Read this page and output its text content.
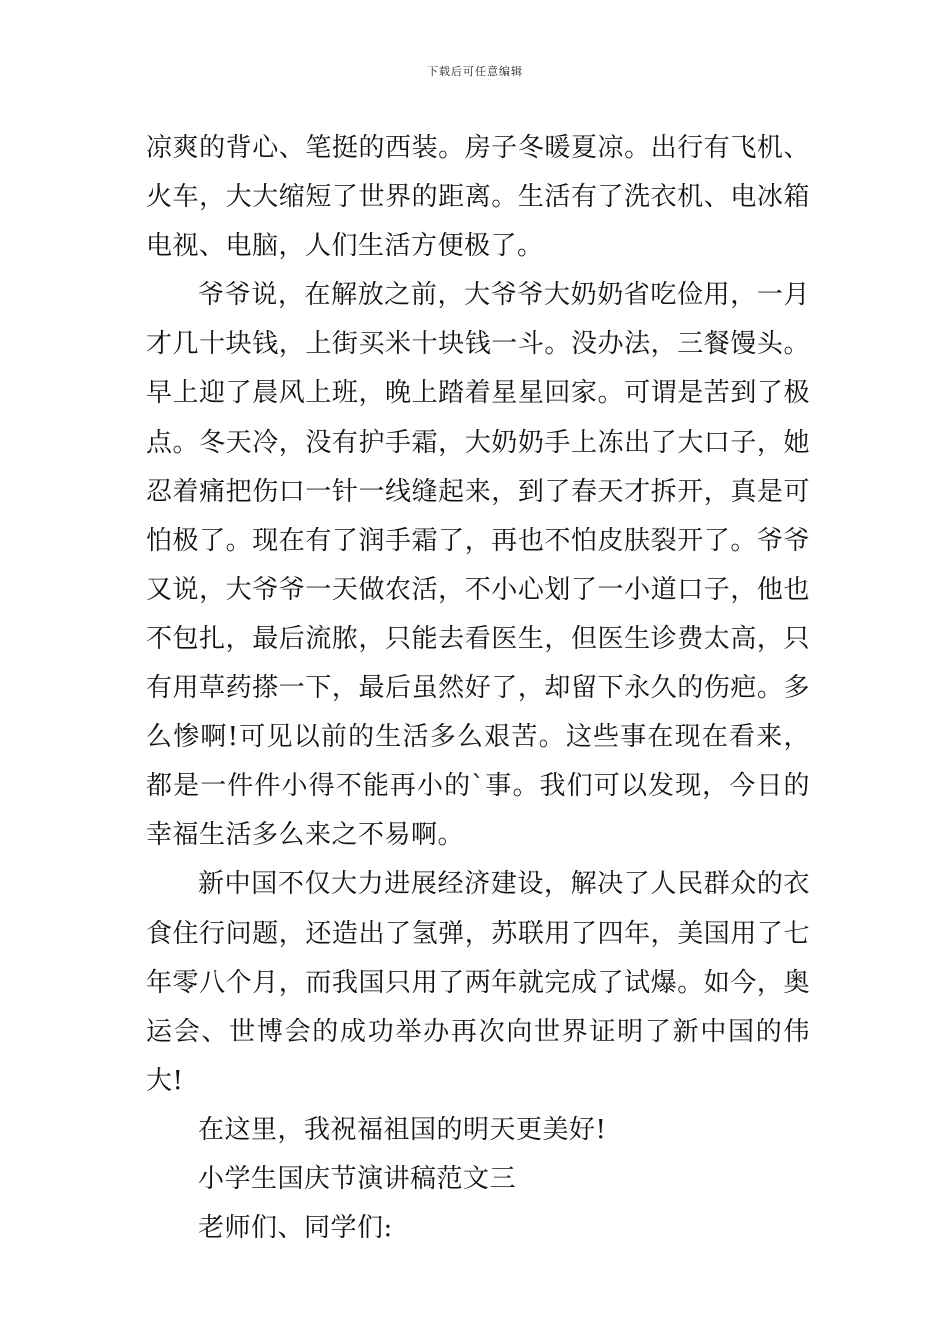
下载后可任意编辑

凉爽的背心、笔挺的西装。房子冬暖夏凉。出行有飞机、火车，大大缩短了世界的距离。生活有了洗衣机、电冰箱电视、电脑，人们生活方便极了。

爷爷说，在解放之前，大爷爷大奶奶省吃俭用，一月才几十块钱，上街买米十块钱一斗。没办法，三餐馒头。早上迎了晨风上班，晚上踏着星星回家。可谓是苦到了极点。冬天冷，没有护手霜，大奶奶手上冻出了大口子，她忍着痛把伤口一针一线缝起来，到了春天才拆开，真是可怕极了。现在有了润手霜了，再也不怕皮肤裂开了。爷爷又说，大爷爷一天做农活，不小心划了一小道口子，他也不包扎，最后流脓，只能去看医生，但医生诊费太高，只有用草药搽一下，最后虽然好了，却留下永久的伤疤。多么惨啊!可见以前的生活多么艰苦。这些事在现在看来，都是一件件小得不能再小的`事。我们可以发现，今日的幸福生活多么来之不易啊。

新中国不仅大力进展经济建设，解决了人民群众的衣食住行问题，还造出了氢弹，苏联用了四年，美国用了七年零八个月，而我国只用了两年就完成了试爆。如今，奥运会、世博会的成功举办再次向世界证明了新中国的伟大!

在这里，我祝福祖国的明天更美好!

小学生国庆节演讲稿范文三

老师们、同学们:
